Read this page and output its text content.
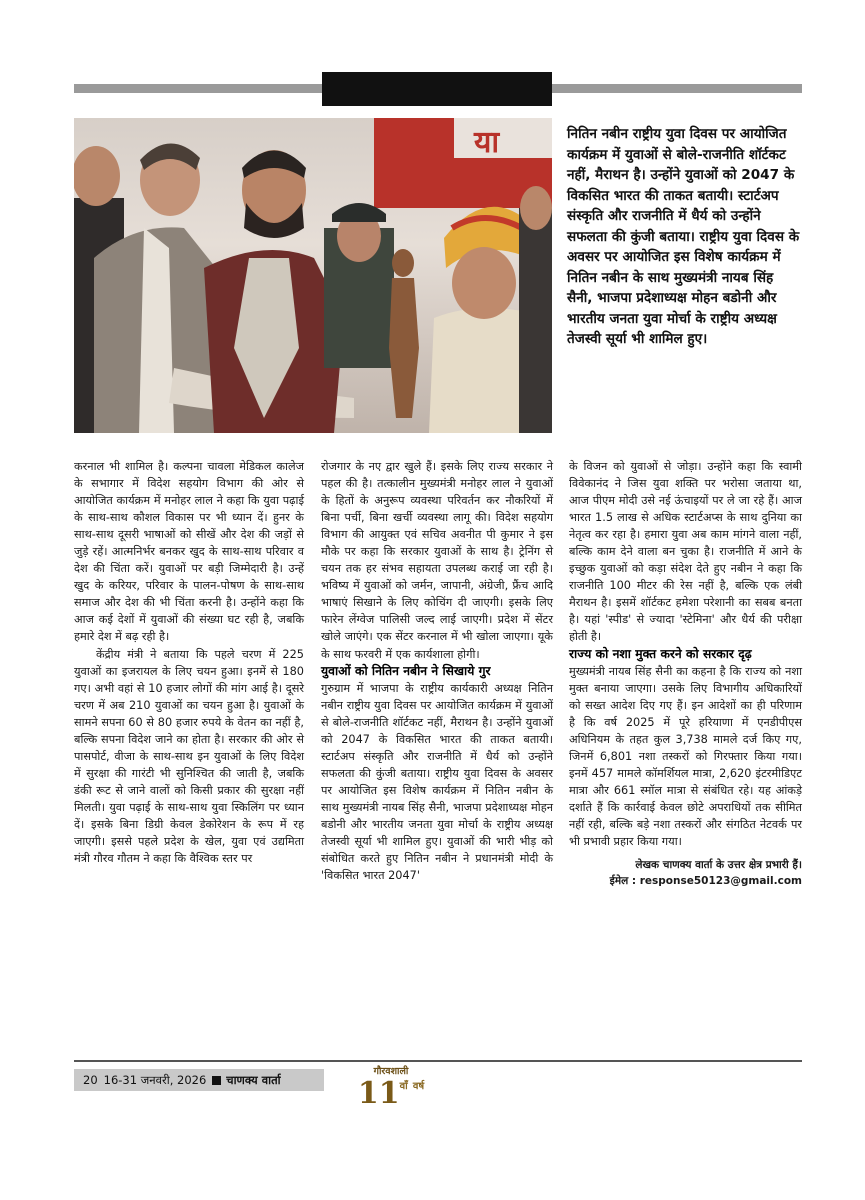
या	नितिन नबीन राष्ट्रीय युवा दिवस पर आयोजित कार्यक्रम में युवाओं से बोले-राजनीति शॉर्टकट नहीं, मैराथन है। उन्होंने युवाओं को 2047 के विकसित भारत की ताकत बतायी। स्टार्टअप संस्कृति और राजनीति में धैर्य को उन्होंने सफलता की कुंजी बताया। राष्ट्रीय युवा दिवस के अवसर पर आयोजित इस विशेष कार्यक्रम में नितिन नबीन के साथ मुख्यमंत्री नायब सिंह सैनी, भाजपा प्रदेशाध्यक्ष मोहन बडोनी और भारतीय जनता युवा मोर्चा के राष्ट्रीय अध्यक्ष तेजस्वी सूर्या भी शामिल हुए।

करनाल भी शामिल है। कल्पना चावला मेडिकल कालेज के सभागार में विदेश सहयोग विभाग की ओर से आयोजित कार्यक्रम में मनोहर लाल ने कहा कि युवा पढ़ाई के साथ-साथ कौशल विकास पर भी ध्यान दें। हुनर के साथ-साथ दूसरी भाषाओं को सीखें और देश की जड़ों से जुड़े रहें। आत्मनिर्भर बनकर खुद के साथ-साथ परिवार व देश की चिंता करें। युवाओं पर बड़ी जिम्मेदारी है। उन्हें खुद के करियर, परिवार के पालन-पोषण के साथ-साथ समाज और देश की भी चिंता करनी है। उन्होंने कहा कि आज कई देशों में युवाओं की संख्या घट रही है, जबकि हमारे देश में बढ़ रही है।

केंद्रीय मंत्री ने बताया कि पहले चरण में 225 युवाओं का इजरायल के लिए चयन हुआ। इनमें से 180 गए। अभी वहां से 10 हजार लोगों की मांग आई है। दूसरे चरण में अब 210 युवाओं का चयन हुआ है। युवाओं के सामने सपना 60 से 80 हजार रुपये के वेतन का नहीं है, बल्कि सपना विदेश जाने का होता है। सरकार की ओर से पासपोर्ट, वीजा के साथ-साथ इन युवाओं के लिए विदेश में सुरक्षा की गारंटी भी सुनिश्चित की जाती है, जबकि डंकी रूट से जाने वालों को किसी प्रकार की सुरक्षा नहीं मिलती। युवा पढ़ाई के साथ-साथ युवा स्किलिंग पर ध्यान दें। इसके बिना डिग्री केवल डेकोरेशन के रूप में रह जाएगी। इससे पहले प्रदेश के खेल, युवा एवं उद्यमिता मंत्री गौरव गौतम ने कहा कि वैश्विक स्तर पर

रोजगार के नए द्वार खुले हैं। इसके लिए राज्य सरकार ने पहल की है। तत्कालीन मुख्यमंत्री मनोहर लाल ने युवाओं के हितों के अनुरूप व्यवस्था परिवर्तन कर नौकरियों में बिना पर्ची, बिना खर्ची व्यवस्था लागू की। विदेश सहयोग विभाग की आयुक्त एवं सचिव अवनीत पी कुमार ने इस मौके पर कहा कि सरकार युवाओं के साथ है। ट्रेनिंग से चयन तक हर संभव सहायता उपलब्ध कराई जा रही है। भविष्य में युवाओं को जर्मन, जापानी, अंग्रेजी, फ्रैंच आदि भाषाएं सिखाने के लिए कोचिंग दी जाएगी। इसके लिए फारेन लेंग्वेज पालिसी जल्द लाई जाएगी। प्रदेश में सेंटर खोले जाएंगे। एक सेंटर करनाल में भी खोला जाएगा। यूके के साथ फरवरी में एक कार्यशाला होगी।

युवाओं को नितिन नबीन ने सिखाये गुर

गुरुग्राम में भाजपा के राष्ट्रीय कार्यकारी अध्यक्ष नितिन नबीन राष्ट्रीय युवा दिवस पर आयोजित कार्यक्रम में युवाओं से बोले-राजनीति शॉर्टकट नहीं, मैराथन है। उन्होंने युवाओं को 2047 के विकसित भारत की ताकत बतायी। स्टार्टअप संस्कृति और राजनीति में धैर्य को उन्होंने सफलता की कुंजी बताया। राष्ट्रीय युवा दिवस के अवसर पर आयोजित इस विशेष कार्यक्रम में नितिन नबीन के साथ मुख्यमंत्री नायब सिंह सैनी, भाजपा प्रदेशाध्यक्ष मोहन बडोनी और भारतीय जनता युवा मोर्चा के राष्ट्रीय अध्यक्ष तेजस्वी सूर्या भी शामिल हुए। युवाओं की भारी भीड़ को संबोधित करते हुए नितिन नबीन ने प्रधानमंत्री मोदी के 'विकसित भारत 2047'

के विजन को युवाओं से जोड़ा। उन्होंने कहा कि स्वामी विवेकानंद ने जिस युवा शक्ति पर भरोसा जताया था, आज पीएम मोदी उसे नई ऊंचाइयों पर ले जा रहे हैं। आज भारत 1.5 लाख से अधिक स्टार्टअप्स के साथ दुनिया का नेतृत्व कर रहा है। हमारा युवा अब काम मांगने वाला नहीं, बल्कि काम देने वाला बन चुका है। राजनीति में आने के इच्छुक युवाओं को कड़ा संदेश देते हुए नबीन ने कहा कि राजनीति 100 मीटर की रेस नहीं है, बल्कि एक लंबी मैराथन है। इसमें शॉर्टकट हमेशा परेशानी का सबब बनता है। यहां 'स्पीड' से ज्यादा 'स्टेमिना' और धैर्य की परीक्षा होती है।

राज्य को नशा मुक्त करने को सरकार दृढ़

मुख्यमंत्री नायब सिंह सैनी का कहना है कि राज्य को नशा मुक्त बनाया जाएगा। उसके लिए विभागीय अधिकारियों को सख्त आदेश दिए गए हैं। इन आदेशों का ही परिणाम है कि वर्ष 2025 में पूरे हरियाणा में एनडीपीएस अधिनियम के तहत कुल 3,738 मामले दर्ज किए गए, जिनमें 6,801 नशा तस्करों को गिरफ्तार किया गया। इनमें 457 मामले कॉमर्शियल मात्रा, 2,620 इंटरमीडिएट मात्रा और 661 स्मॉल मात्रा से संबंधित रहे। यह आंकड़े दर्शाते हैं कि कार्रवाई केवल छोटे अपराधियों तक सीमित नहीं रही, बल्कि बड़े नशा तस्करों और संगठित नेटवर्क पर भी प्रभावी प्रहार किया गया।

लेखक चाणक्य वार्ता के उत्तर क्षेत्र प्रभारी हैं।
ईमेल : response50123@gmail.com
20 16-31 जनवरी, 2026 चाणक्य वार्ता
गौरवशाली
$11^{वाँ}$ $^{वर्ष}$
